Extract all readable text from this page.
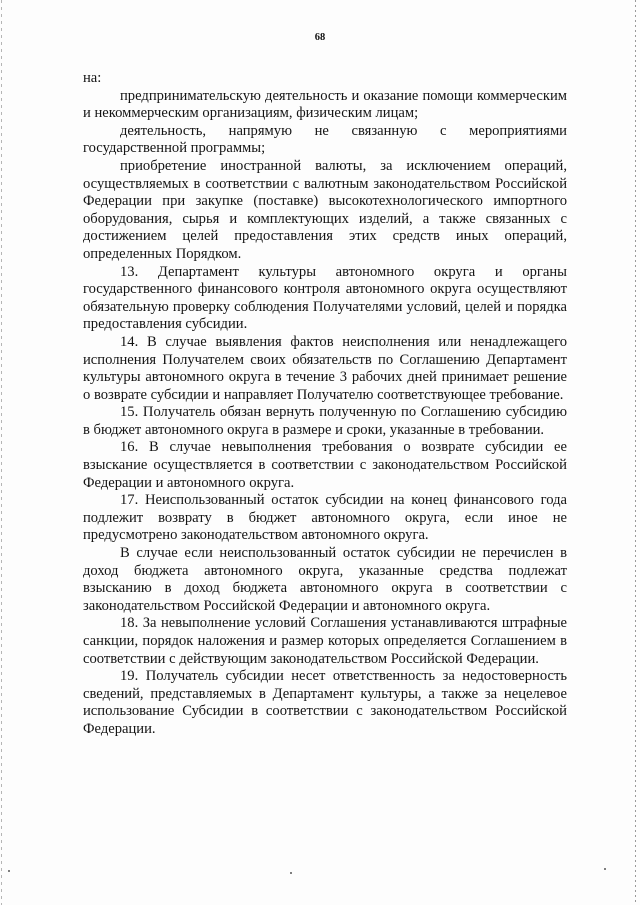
68

на:

предпринимательскую деятельность и оказание помощи коммерческим и некоммерческим организациям, физическим лицам;

деятельность, напрямую не связанную с мероприятиями государственной программы;

приобретение иностранной валюты, за исключением операций, осуществляемых в соответствии с валютным законодательством Российской Федерации при закупке (поставке) высокотехнологического импортного оборудования, сырья и комплектующих изделий, а также связанных с достижением целей предоставления этих средств иных операций, определенных Порядком.

13. Департамент культуры автономного округа и органы государственного финансового контроля автономного округа осуществляют обязательную проверку соблюдения Получателями условий, целей и порядка предоставления субсидии.

14. В случае выявления фактов неисполнения или ненадлежащего исполнения Получателем своих обязательств по Соглашению Департамент культуры автономного округа в течение 3 рабочих дней принимает решение о возврате субсидии и направляет Получателю соответствующее требование.

15. Получатель обязан вернуть полученную по Соглашению субсидию в бюджет автономного округа в размере и сроки, указанные в требовании.

16. В случае невыполнения требования о возврате субсидии ее взыскание осуществляется в соответствии с законодательством Российской Федерации и автономного округа.

17. Неиспользованный остаток субсидии на конец финансового года подлежит возврату в бюджет автономного округа, если иное не предусмотрено законодательством автономного округа.

В случае если неиспользованный остаток субсидии не перечислен в доход бюджета автономного округа, указанные средства подлежат взысканию в доход бюджета автономного округа в соответствии с законодательством Российской Федерации и автономного округа.

18. За невыполнение условий Соглашения устанавливаются штрафные санкции, порядок наложения и размер которых определяется Соглашением в соответствии с действующим законодательством Российской Федерации.

19. Получатель субсидии несет ответственность за недостоверность сведений, представляемых в Департамент культуры, а также за нецелевое использование Субсидии в соответствии с законодательством Российской Федерации.
